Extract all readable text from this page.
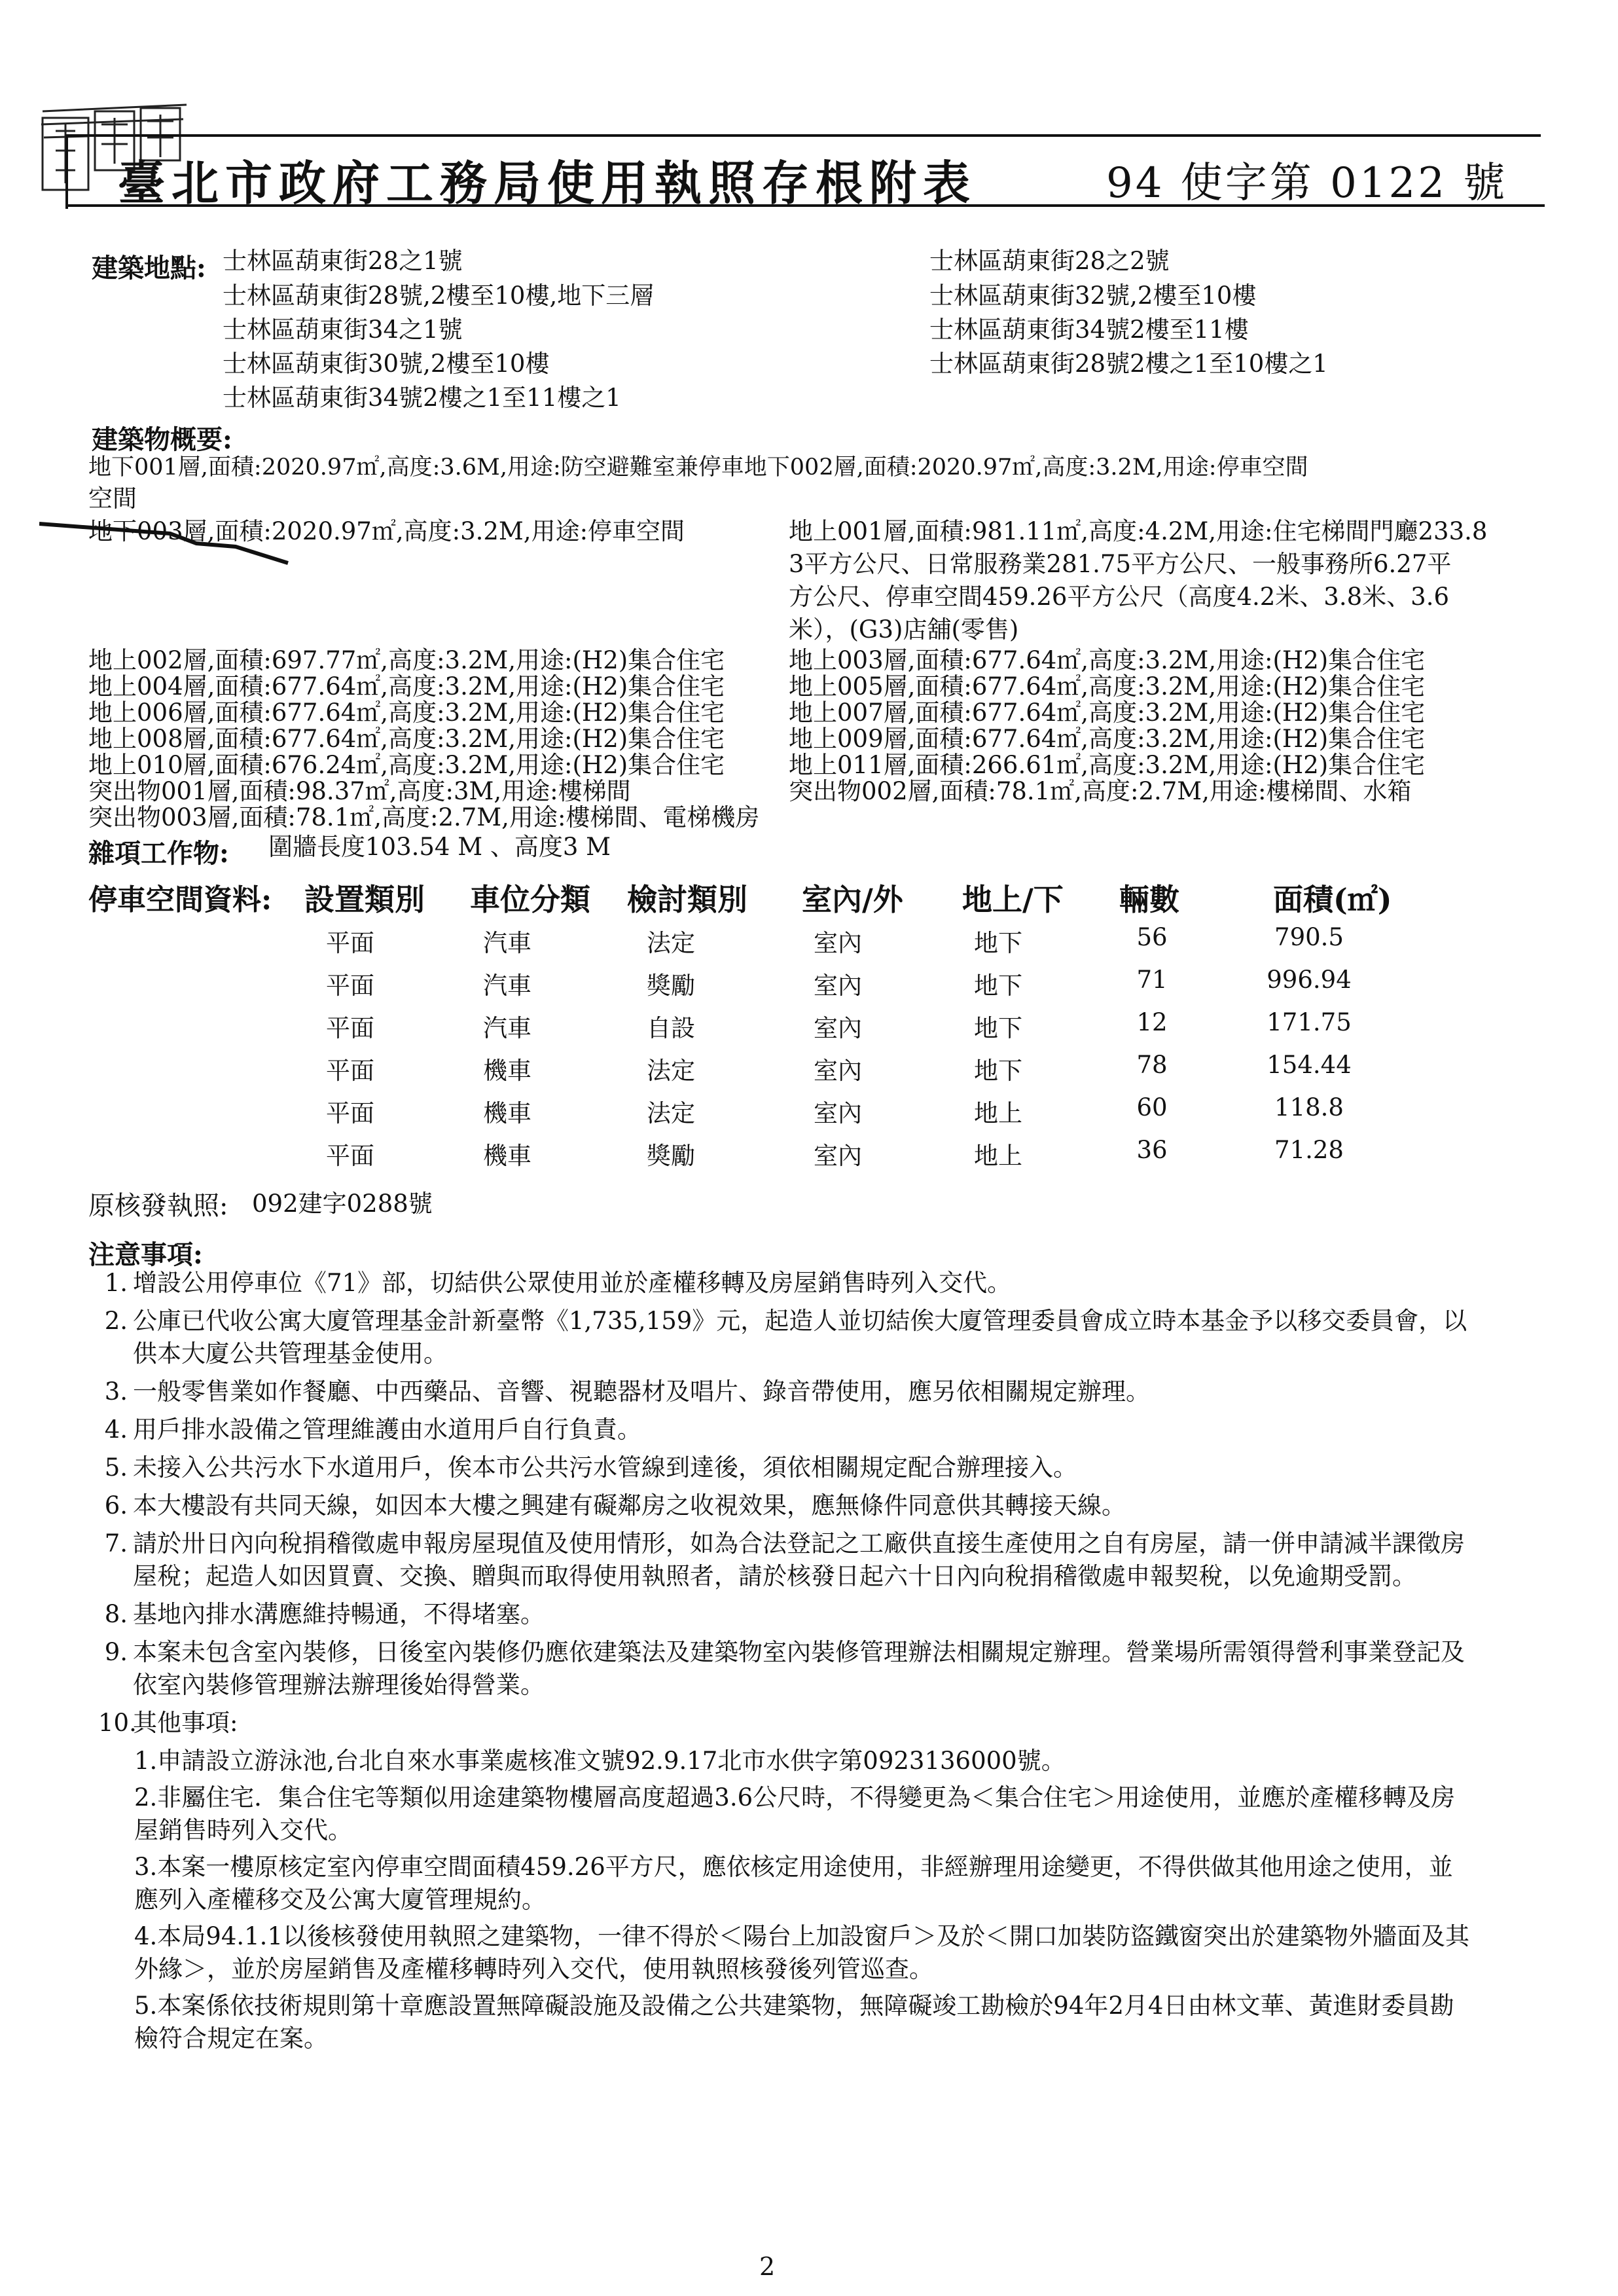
臺北市政府工務局使用執照存根附表	94 使字第 0122 號
建築地點: 士林區葫東街28之1號
士林區葫東街28號,2樓至10樓,地下三層
士林區葫東街34之1號
士林區葫東街30號,2樓至10樓
士林區葫東街34號2樓之1至11樓之1
士林區葫東街28之2號
士林區葫東街32號,2樓至10樓
士林區葫東街34號2樓至11樓
士林區葫東街28號2樓之1至10樓之1
建築物概要:
地下001層,面積:2020.97㎡,高度:3.6M,用途:防空避難室兼停車地下002層,面積:2020.97㎡,高度:3.2M,用途:停車空間
空間
地下003層,面積:2020.97㎡,高度:3.2M,用途:停車空間	地上001層,面積:981.11㎡,高度:4.2M,用途:住宅梯間門廳233.8
3平方公尺、日常服務業281.75平方公尺、一般事務所6.27平
方公尺、停車空間459.26平方公尺（高度4.2米、3.8米、3.6
米），(G3)店舖(零售)
地上002層,面積:697.77㎡,高度:3.2M,用途:(H2)集合住宅
地上004層,面積:677.64㎡,高度:3.2M,用途:(H2)集合住宅
地上006層,面積:677.64㎡,高度:3.2M,用途:(H2)集合住宅
地上008層,面積:677.64㎡,高度:3.2M,用途:(H2)集合住宅
地上010層,面積:676.24㎡,高度:3.2M,用途:(H2)集合住宅
突出物001層,面積:98.37㎡,高度:3M,用途:樓梯間
突出物003層,面積:78.1㎡,高度:2.7M,用途:樓梯間、電梯機房
地上003層,面積:677.64㎡,高度:3.2M,用途:(H2)集合住宅
地上005層,面積:677.64㎡,高度:3.2M,用途:(H2)集合住宅
地上007層,面積:677.64㎡,高度:3.2M,用途:(H2)集合住宅
地上009層,面積:677.64㎡,高度:3.2M,用途:(H2)集合住宅
地上011層,面積:266.61㎡,高度:3.2M,用途:(H2)集合住宅
突出物002層,面積:78.1㎡,高度:2.7M,用途:樓梯間、水箱
雜項工作物: 圍牆長度103.54 M 、高度3 M
停車空間資料: 設置類別 車位分類 檢討類別 室內/外 地上/下 輛數	面積(㎡)
平面	汽車	法定	室內	地下	56	790.5
平面	汽車	獎勵	室內	地下	71	996.94
平面	汽車	自設	室內	地下	12	171.75
平面	機車	法定	室內	地下	78	154.44
平面	機車	法定	室內	地上	60	118.8
平面	機車	獎勵	室內	地上	36	71.28
原核發執照: 092建字0288號
注意事項:
1. 增設公用停車位《71》部，切結供公眾使用並於產權移轉及房屋銷售時列入交代。
2. 公庫已代收公寓大廈管理基金計新臺幣《1,735,159》元，起造人並切結俟大廈管理委員會成立時本基金予以移交委員會，以供本大廈公共管理基金使用。
3. 一般零售業如作餐廳、中西藥品、音響、視聽器材及唱片、錄音帶使用，應另依相關規定辦理。
4. 用戶排水設備之管理維護由水道用戶自行負責。
5. 未接入公共污水下水道用戶，俟本市公共污水管線到達後，須依相關規定配合辦理接入。
6. 本大樓設有共同天線，如因本大樓之興建有礙鄰房之收視效果，應無條件同意供其轉接天線。
7. 請於卅日內向稅捐稽徵處申報房屋現值及使用情形，如為合法登記之工廠供直接生產使用之自有房屋，請一併申請減半課徵房屋稅；起造人如因買賣、交換、贈與而取得使用執照者，請於核發日起六十日內向稅捐稽徵處申報契稅，以免逾期受罰。
8. 基地內排水溝應維持暢通，不得堵塞。
9. 本案未包含室內裝修，日後室內裝修仍應依建築法及建築物室內裝修管理辦法相關規定辦理。營業場所需領得營利事業登記及依室內裝修管理辦法辦理後始得營業。
10.
其他事項:
1.申請設立游泳池,台北自來水事業處核准文號92.9.17北市水供字第0923136000號。
2.非屬住宅．集合住宅等類似用途建築物樓層高度超過3.6公尺時，不得變更為＜集合住宅＞用途使用，並應於產權移轉及房屋銷售時列入交代。
3.本案一樓原核定室內停車空間面積459.26平方尺，應依核定用途使用，非經辦理用途變更，不得供做其他用途之使用，並應列入產權移交及公寓大廈管理規約。
4.本局94.1.1以後核發使用執照之建築物，一律不得於＜陽台上加設窗戶＞及於＜開口加裝防盜鐵窗突出於建築物外牆面及其外緣＞，並於房屋銷售及產權移轉時列入交代，使用執照核發後列管巡查。
5.本案係依技術規則第十章應設置無障礙設施及設備之公共建築物，無障礙竣工勘檢於94年2月4日由林文華、黃進財委員勘檢符合規定在案。
2
